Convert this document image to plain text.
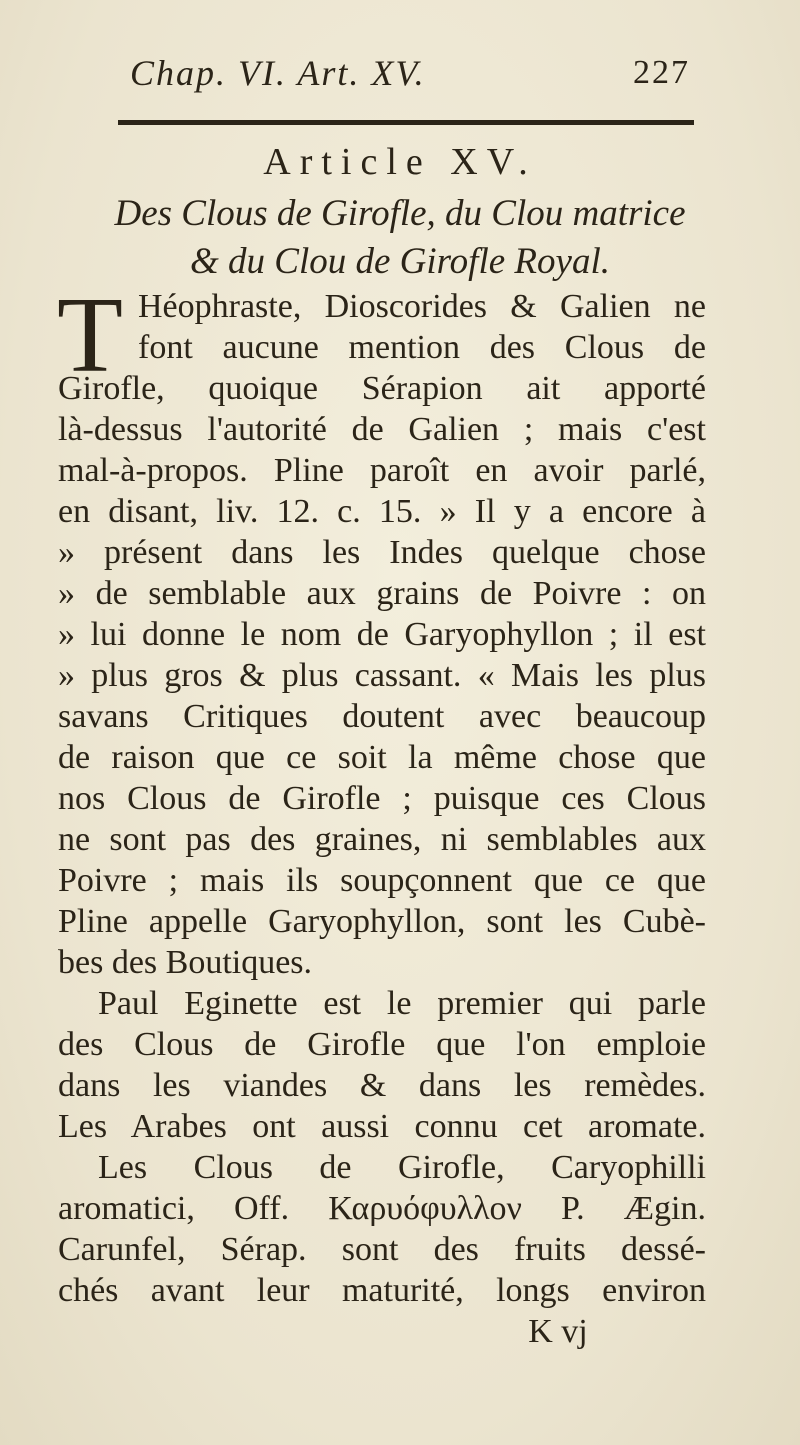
Chap. VI. Art. XV.	227
Article XV.
Des Clous de Girofle, du Clou matrice
& du Clou de Girofle Royal.
T Héophraste, Dioscorides & Galien ne
font aucune mention des Clous de
Girofle, quoique Sérapion ait apporté
là-dessus l'autorité de Galien ; mais c'est
mal-à-propos. Pline paroît en avoir parlé,
en disant, liv. 12. c. 15. » Il y a encore à
» présent dans les Indes quelque chose
» de semblable aux grains de Poivre : on
» lui donne le nom de Garyophyllon ; il est
» plus gros & plus cassant. « Mais les plus
savans Critiques doutent avec beaucoup
de raison que ce soit la même chose que
nos Clous de Girofle ; puisque ces Clous
ne sont pas des graines, ni semblables aux
Poivre ; mais ils soupçonnent que ce que
Pline appelle Garyophyllon, sont les Cubè-
bes des Boutiques.
Paul Eginette est le premier qui parle
des Clous de Girofle que l'on emploie
dans les viandes & dans les remèdes.
Les Arabes ont aussi connu cet aromate.
Les Clous de Girofle, Caryophilli
aromatici, Off. Καρυόφυλλον P. Ægin.
Carunfel, Sérap. sont des fruits dessé-
chés avant leur maturité, longs environ
K vj
